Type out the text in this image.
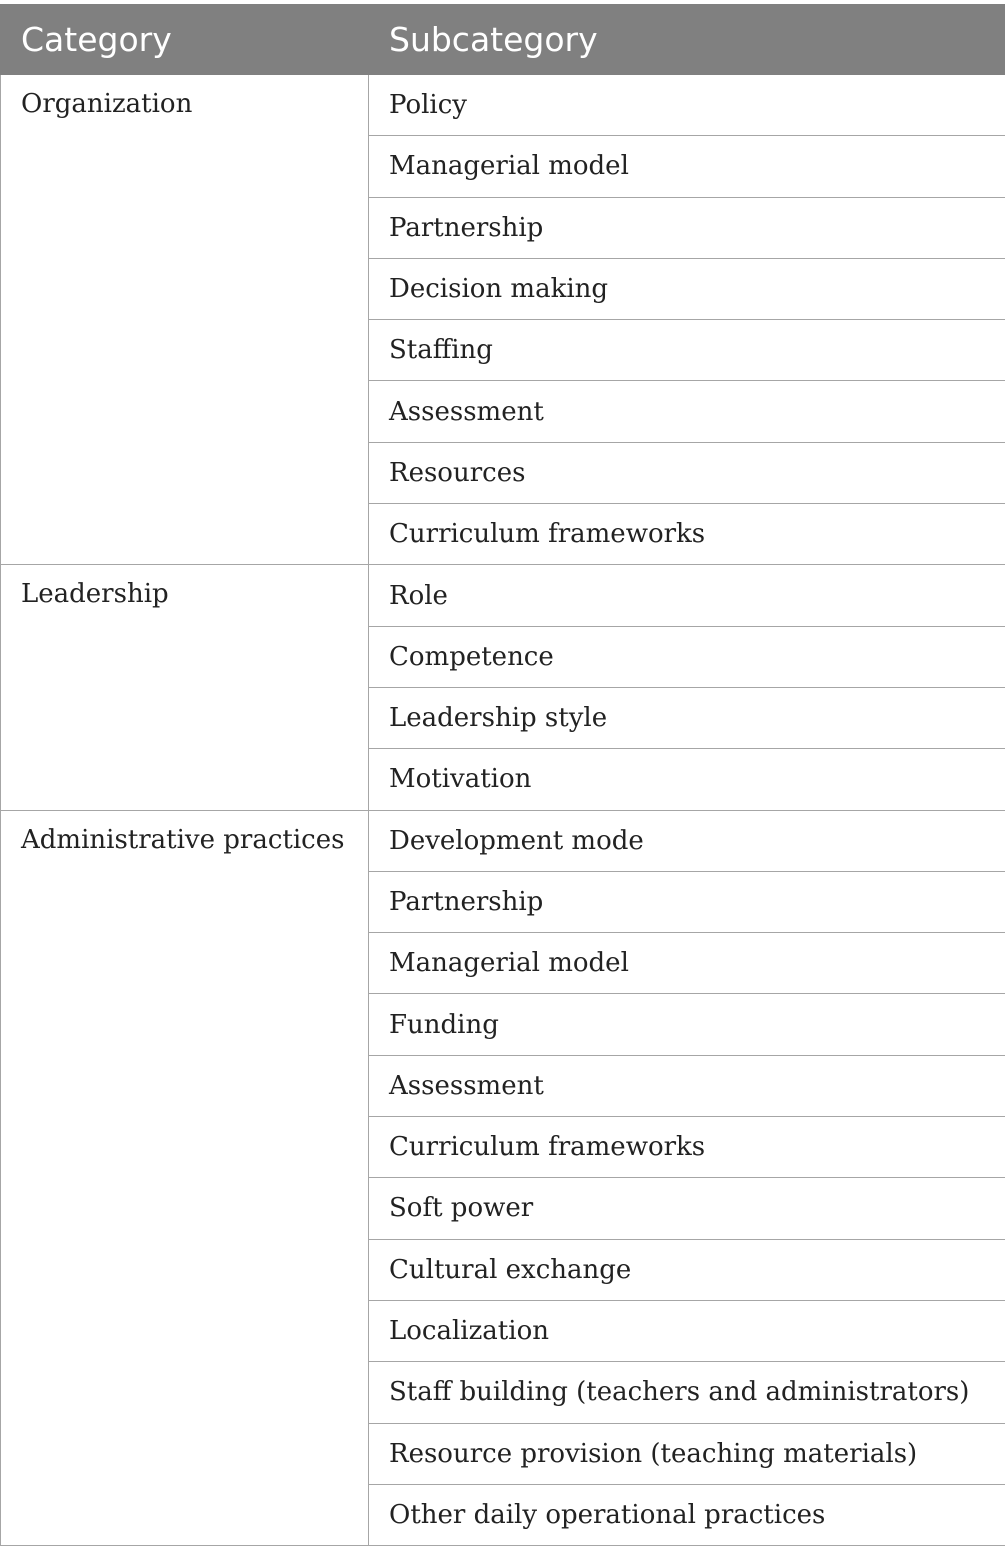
Category	Subcategory
Organization	Policy
	Managerial model
	Partnership
	Decision making
	Staffing
	Assessment
	Resources
	Curriculum frameworks
Leadership	Role
	Competence
	Leadership style
	Motivation
Administrative practices	Development mode
	Partnership
	Managerial model
	Funding
	Assessment
	Curriculum frameworks
	Soft power
	Cultural exchange
	Localization
	Staff building (teachers and administrators)
	Resource provision (teaching materials)
	Other daily operational practices
